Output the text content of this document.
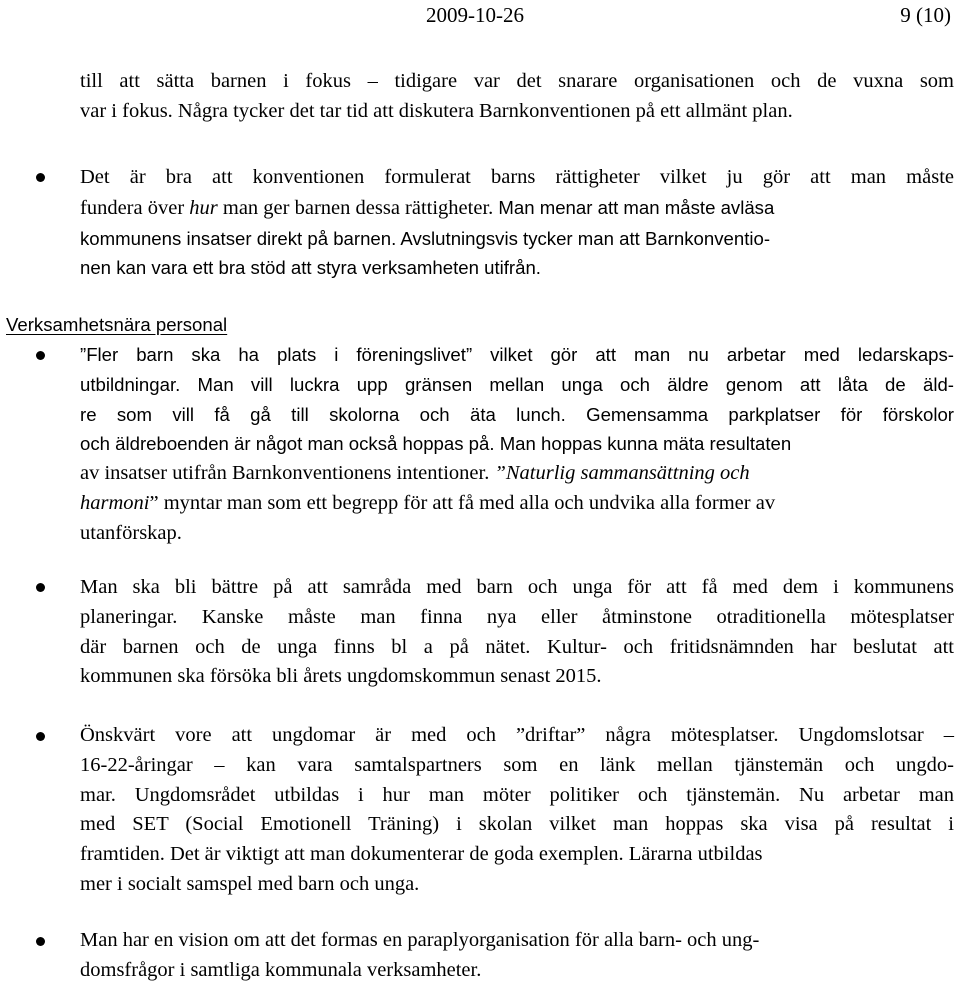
2009-10-26	9 (10)
till att sätta barnen i fokus – tidigare var det snarare organisationen och de vuxna som
var i fokus. Några tycker det tar tid att diskutera Barnkonventionen på ett allmänt plan.
Det är bra att konventionen formulerat barns rättigheter vilket ju gör att man måste
fundera över hur man ger barnen dessa rättigheter. Man menar att man måste avläsa
kommunens insatser direkt på barnen. Avslutningsvis tycker man att Barnkonventio-
nen kan vara ett bra stöd att styra verksamheten utifrån.
Verksamhetsnära personal
”Fler barn ska ha plats i föreningslivet” vilket gör att man nu arbetar med ledarskaps-
utbildningar. Man vill luckra upp gränsen mellan unga och äldre genom att låta de äld-
re som vill få gå till skolorna och äta lunch. Gemensamma parkplatser för förskolor
och äldreboenden är något man också hoppas på. Man hoppas kunna mäta resultaten
av insatser utifrån Barnkonventionens intentioner. ”Naturlig sammansättning och
harmoni” myntar man som ett begrepp för att få med alla och undvika alla former av
utanförskap.
Man ska bli bättre på att samråda med barn och unga för att få med dem i kommunens
planeringar. Kanske måste man finna nya eller åtminstone otraditionella mötesplatser
där barnen och de unga finns bl a på nätet. Kultur- och fritidsnämnden har beslutat att
kommunen ska försöka bli årets ungdomskommun senast 2015.
Önskvärt vore att ungdomar är med och ”driftar” några mötesplatser. Ungdomslotsar –
16-22-åringar – kan vara samtalspartners som en länk mellan tjänstemän och ungdo-
mar. Ungdomsrådet utbildas i hur man möter politiker och tjänstemän. Nu arbetar man
med SET (Social Emotionell Träning) i skolan vilket man hoppas ska visa på resultat i
framtiden. Det är viktigt att man dokumenterar de goda exemplen. Lärarna utbildas
mer i socialt samspel med barn och unga.
Man har en vision om att det formas en paraplyorganisation för alla barn- och ung-
domsfrågor i samtliga kommunala verksamheter.
